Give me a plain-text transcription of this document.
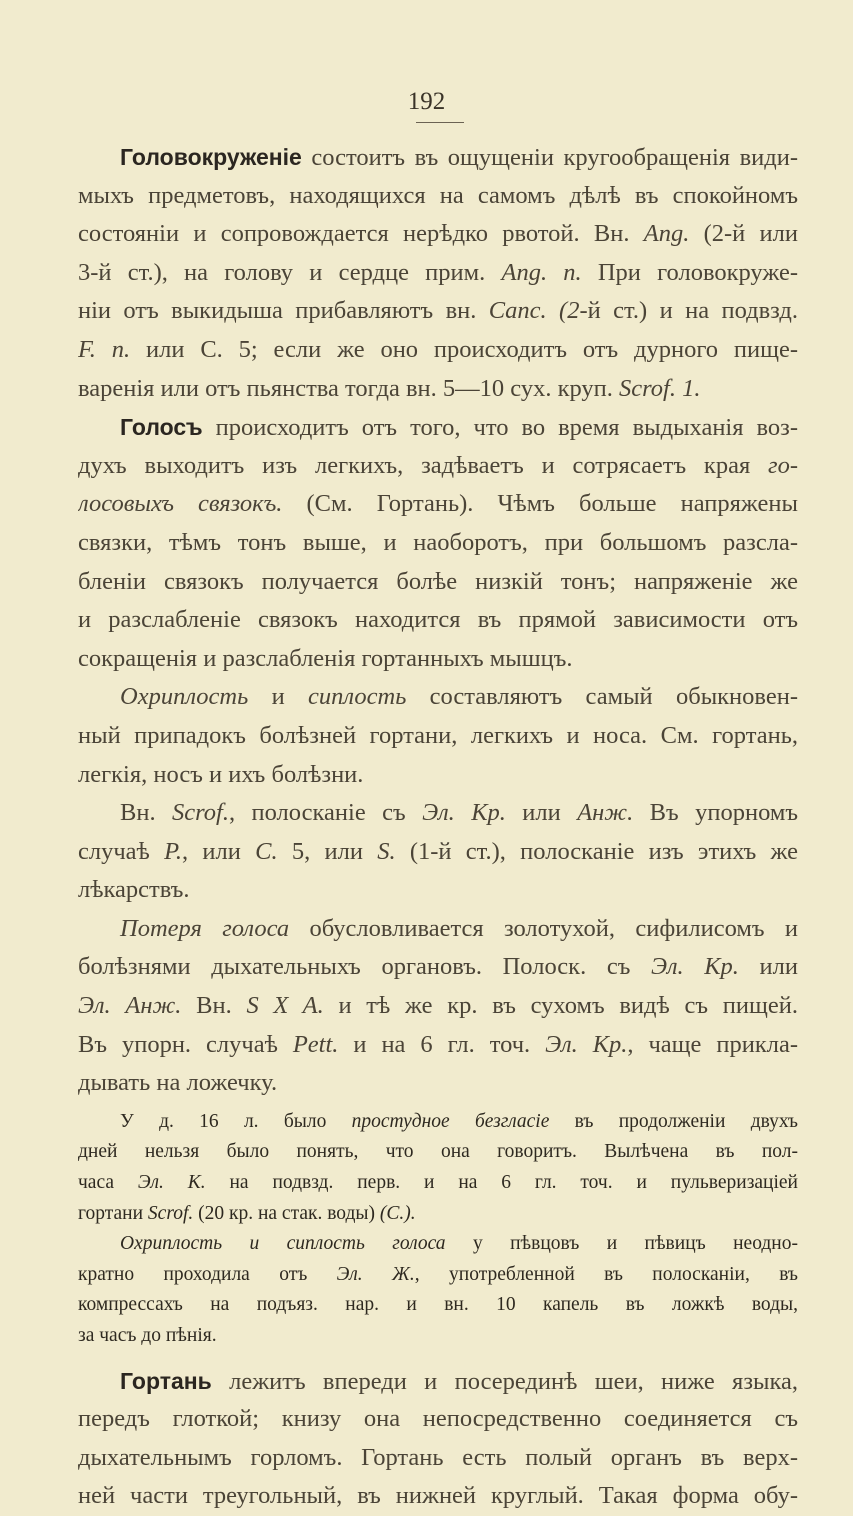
192
Головокруженіе состоитъ въ ощущеніи кругообращенія види-
мыхъ предметовъ, находящихся на самомъ дѣлѣ въ спокойномъ
состояніи и сопровождается нерѣдко рвотой. Вн. Ang. (2-й или
3-й ст.), на голову и сердце прим. Ang. n. При головокруже-
ніи отъ выкидыша прибавляютъ вн. Canc. (2-й ст.) и на подвзд.
F. n. или С. 5; если же оно происходитъ отъ дурного пище-
варенія или отъ пьянства тогда вн. 5—10 сух. круп. Scrof. 1.
Голосъ происходитъ отъ того, что во время выдыханія воз-
духъ выходитъ изъ легкихъ, задѣваетъ и сотрясаетъ края го-
лосовыхъ связокъ. (См. Гортань). Чѣмъ больше напряжены
связки, тѣмъ тонъ выше, и наоборотъ, при большомъ разсла-
бленіи связокъ получается болѣе низкій тонъ; напряженіе же
и разслабленіе связокъ находится въ прямой зависимости отъ
сокращенія и разслабленія гортанныхъ мышцъ.
Охриплость и сиплость составляютъ самый обыкновен-
ный припадокъ болѣзней гортани, легкихъ и носа. См. гортань,
легкія, носъ и ихъ болѣзни.
Вн. Scrof., полосканіе съ Эл. Кр. или Анж. Въ упорномъ
случаѣ P., или C. 5, или S. (1-й ст.), полосканіе изъ этихъ же
лѣкарствъ.
Потеря голоса обусловливается золотухой, сифилисомъ и
болѣзнями дыхательныхъ органовъ. Полоск. съ Эл. Кр. или
Эл. Анж. Вн. S X A. и тѣ же кр. въ сухомъ видѣ съ пищей.
Въ упорн. случаѣ Pett. и на 6 гл. точ. Эл. Кр., чаще прикла-
дывать на ложечку.
У д. 16 л. было простудное безгласіе въ продолженіи двухъ
дней нельзя было понять, что она говоритъ. Вылѣчена въ пол-
часа Эл. К. на подвзд. перв. и на 6 гл. точ. и пульверизаціей
гортани Scrof. (20 кр. на стак. воды) (С.).
Охриплость и сиплость голоса у пѣвцовъ и пѣвицъ неодно-
кратно проходила отъ Эл. Ж., употребленной въ полосканіи, въ
компрессахъ на подъяз. нар. и вн. 10 капель въ ложкѣ воды,
за часъ до пѣнія.
Гортань лежитъ впереди и посерединѣ шеи, ниже языка,
передъ глоткой; книзу она непосредственно соединяется съ
дыхательнымъ горломъ. Гортань есть полый органъ въ верх-
ней части треугольный, въ нижней круглый. Такая форма обу-
